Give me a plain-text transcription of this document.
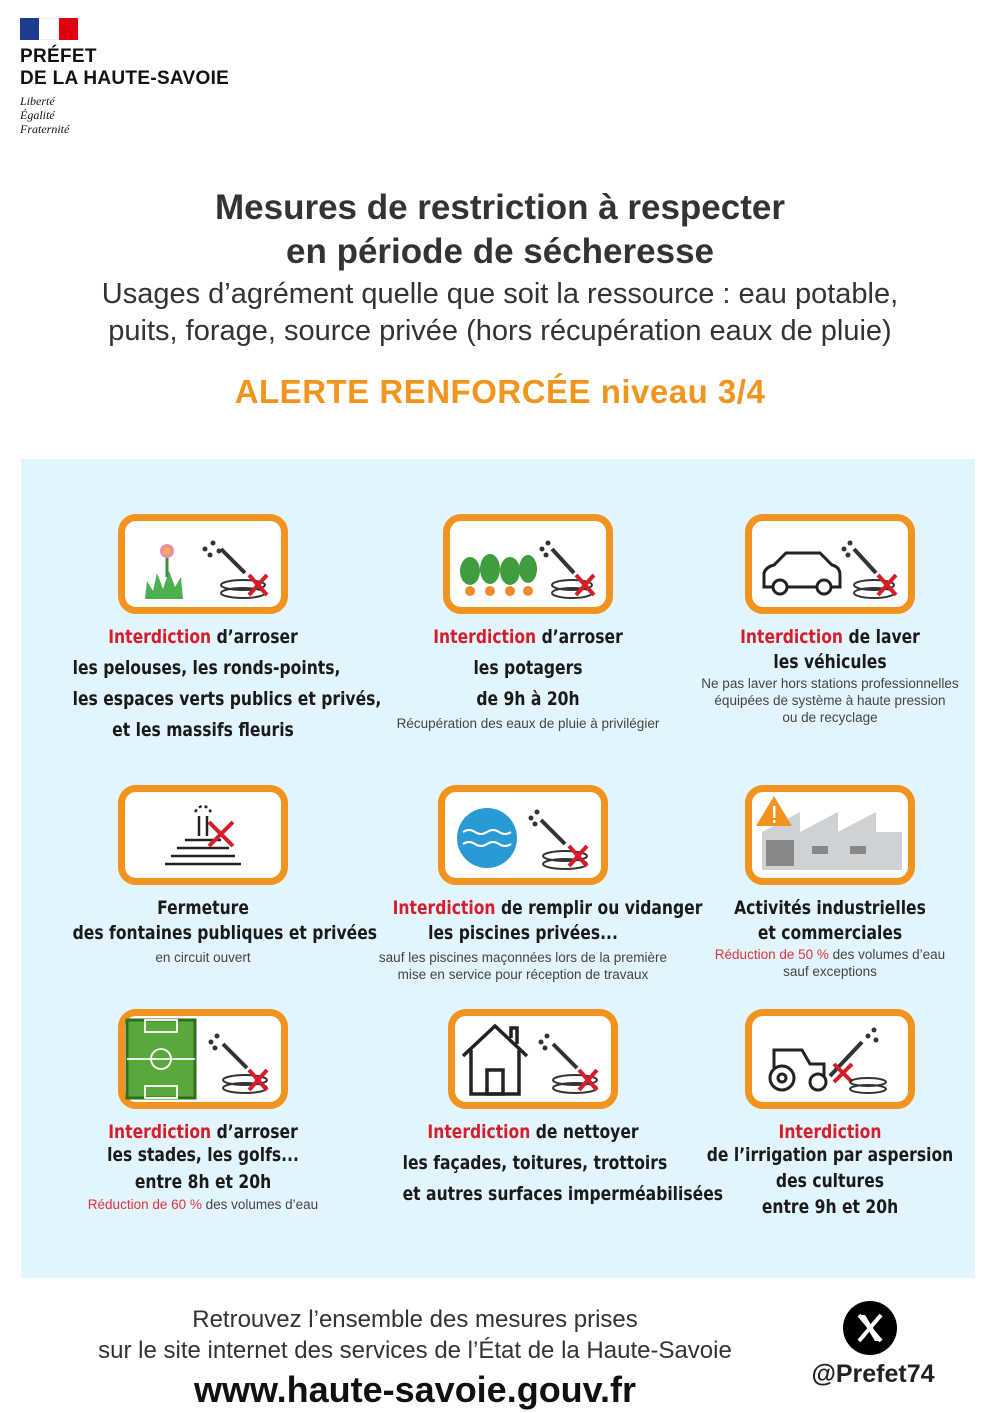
PRÉFET
DE LA HAUTE-SAVOIE
Liberté
Égalité
Fraternité
Mesures de restriction à respecter
en période de sécheresse
Usages d’agrément quelle que soit la ressource : eau potable,
puits, forage, source privée (hors récupération eaux de pluie)
ALERTE RENFORCÉE niveau 3/4
Interdiction d’arroser
les pelouses, les ronds-points,
les espaces verts publics et privés,
et les massifs fleuris
Interdiction d’arroser
les potagers
de 9h à 20h
Récupération des eaux de pluie à privilégier
Interdiction de laver
les véhicules
Ne pas laver hors stations professionnelles
équipées de système à haute pression
ou de recyclage
Fermeture
des fontaines publiques et privées
en circuit ouvert
Interdiction de remplir ou vidanger
les piscines privées...
sauf les piscines maçonnées lors de la première
mise en service pour réception de travaux
Activités industrielles
et commerciales
Réduction de 50 % des volumes d’eau
sauf exceptions
Interdiction d’arroser
les stades, les golfs...
entre 8h et 20h
Réduction de 60 % des volumes d’eau
Interdiction de nettoyer
les façades, toitures, trottoirs
et autres surfaces imperméabilisées
Interdiction
de l’irrigation par aspersion
des cultures
entre 9h et 20h
Retrouvez l’ensemble des mesures prises
sur le site internet des services de l’État de la Haute-Savoie
www.haute-savoie.gouv.fr	@Prefet74
